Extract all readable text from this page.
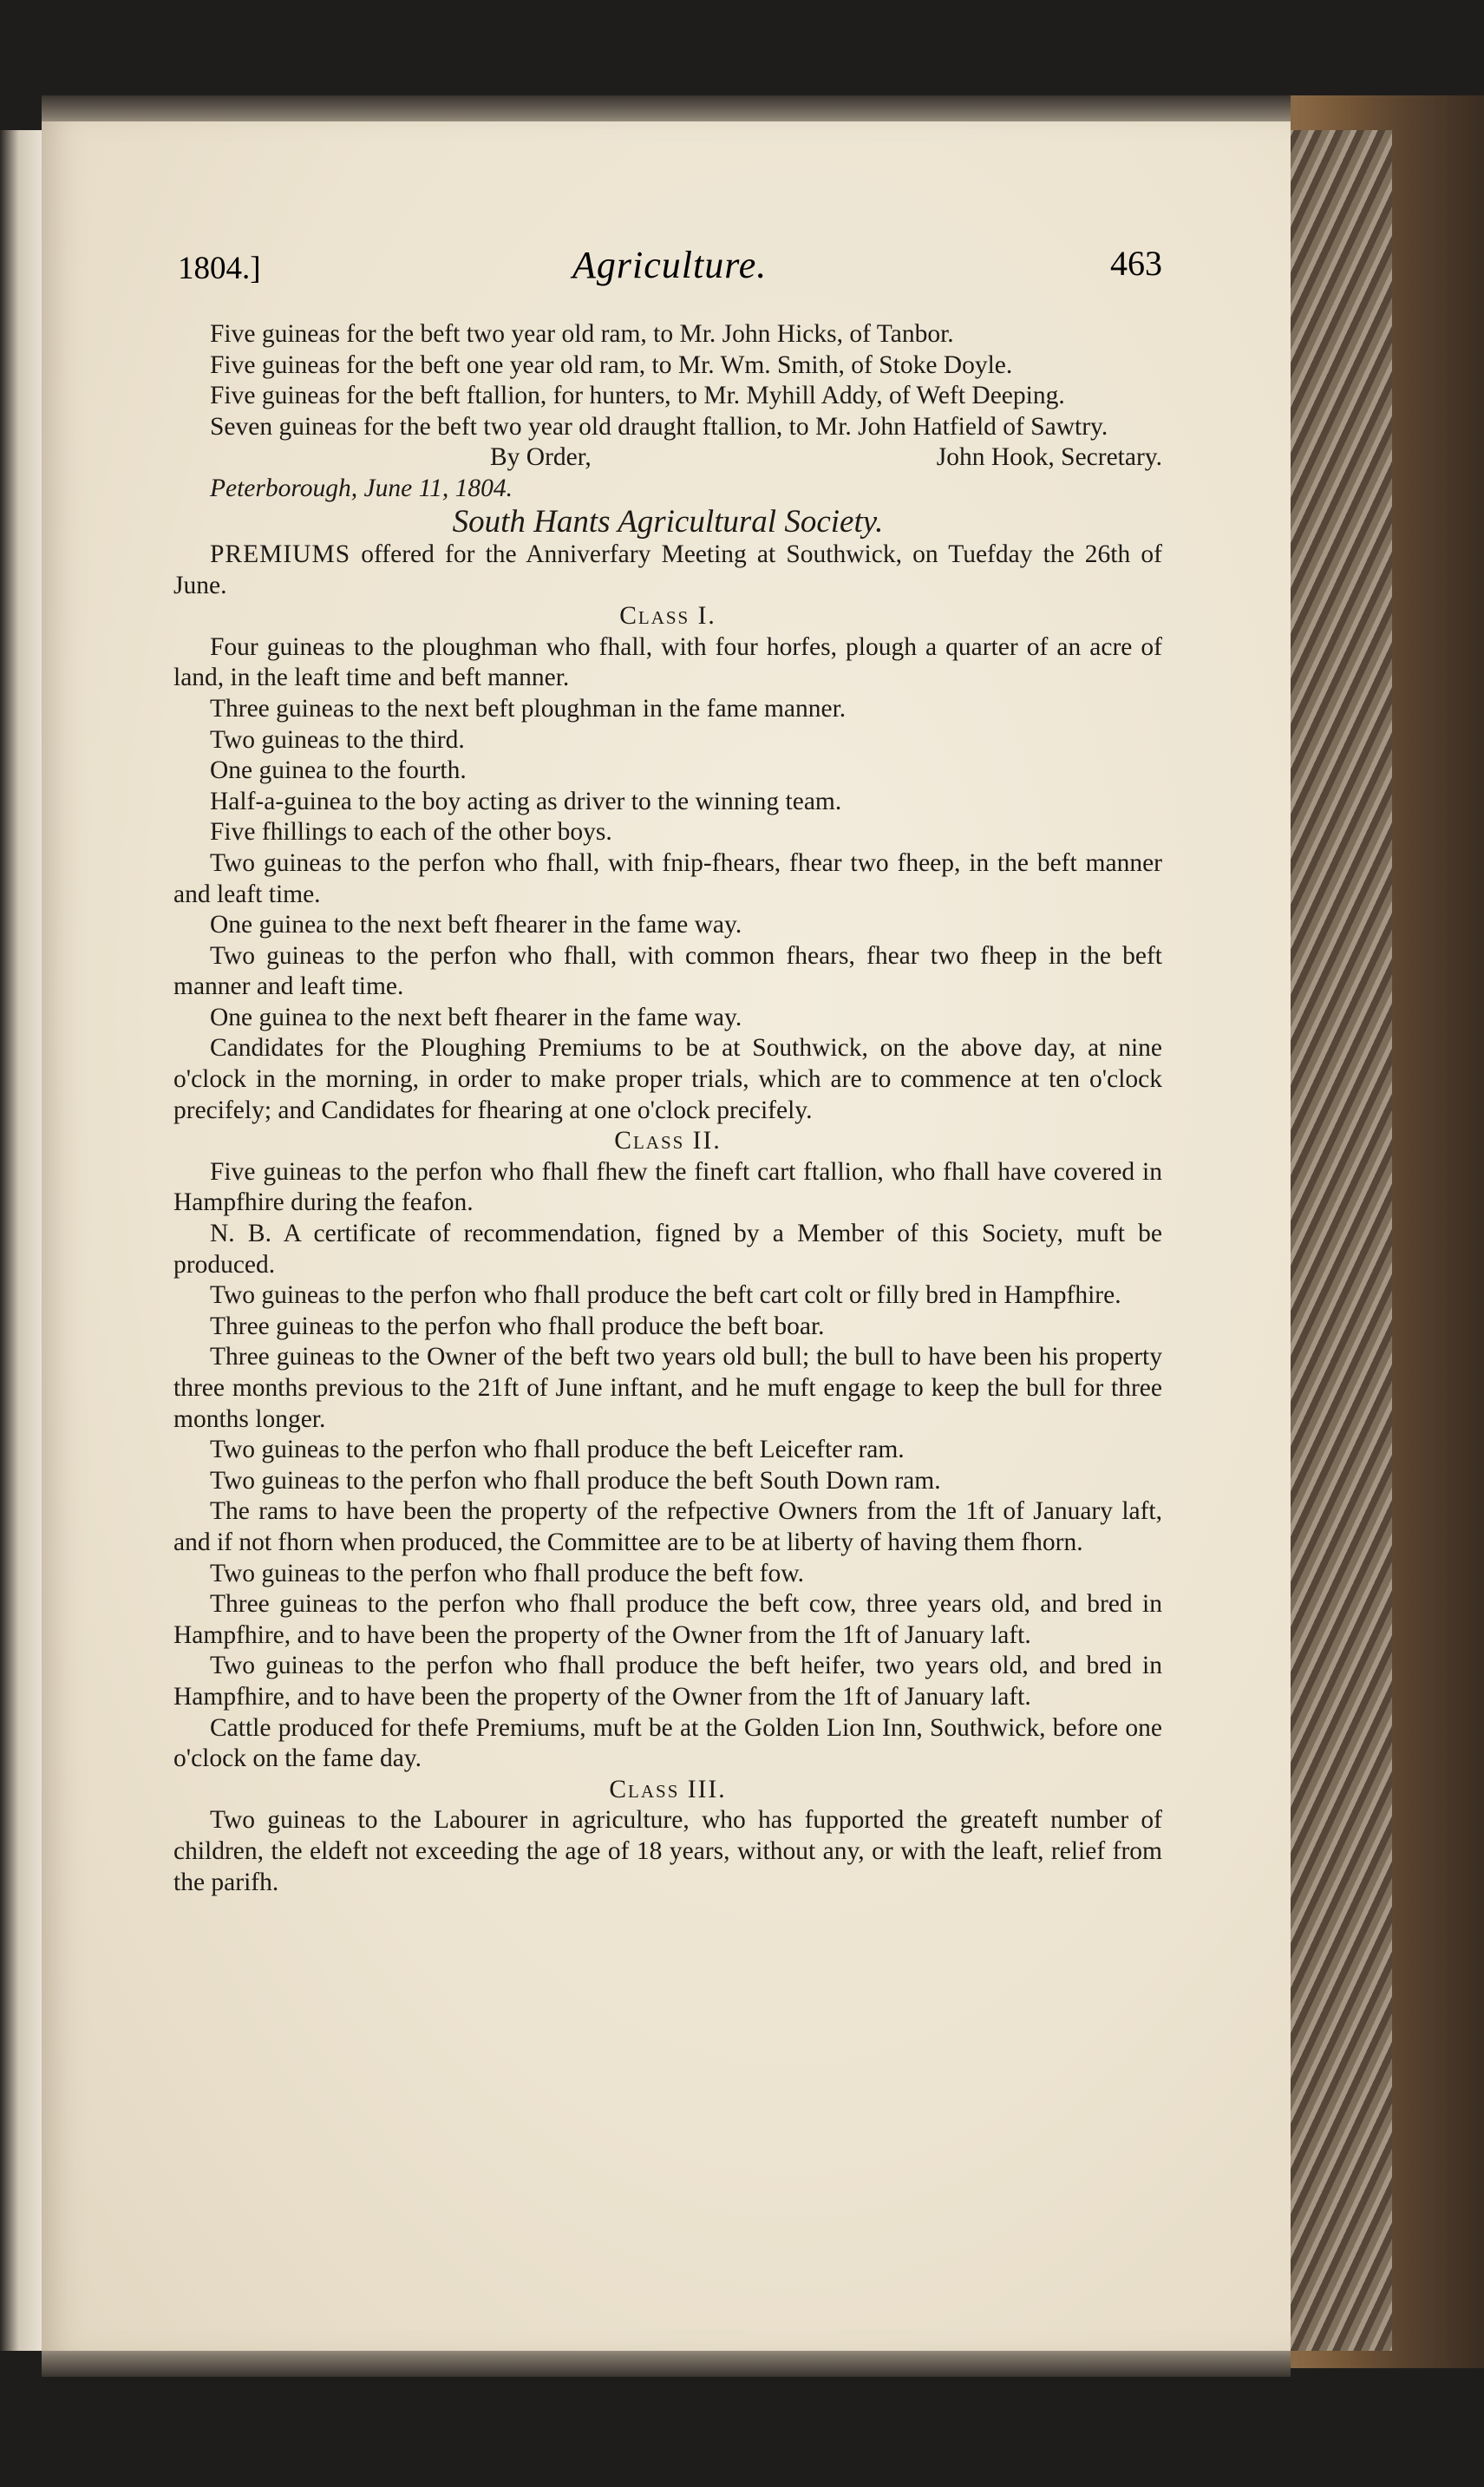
1804.]	Agriculture.	463

Five guineas for the beft two year old ram, to Mr. John Hicks, of Tanbor.

Five guineas for the beft one year old ram, to Mr. Wm. Smith, of Stoke Doyle.

Five guineas for the beft ftallion, for hunters, to Mr. Myhill Addy, of Weft Deeping.

Seven guineas for the beft two year old draught ftallion, to Mr. John Hatfield of Sawtry.

By Order,	John Hook, Secretary.

Peterborough, June 11, 1804.

South Hants Agricultural Society.

PREMIUMS offered for the Anniverfary Meeting at Southwick, on Tuefday the 26th of June.

Class I.

Four guineas to the ploughman who fhall, with four horfes, plough a quarter of an acre of land, in the leaft time and beft manner.

Three guineas to the next beft ploughman in the fame manner.

Two guineas to the third.

One guinea to the fourth.

Half-a-guinea to the boy acting as driver to the winning team.

Five fhillings to each of the other boys.

Two guineas to the perfon who fhall, with fnip-fhears, fhear two fheep, in the beft manner and leaft time.

One guinea to the next beft fhearer in the fame way.

Two guineas to the perfon who fhall, with common fhears, fhear two fheep in the beft manner and leaft time.

One guinea to the next beft fhearer in the fame way.

Candidates for the Ploughing Premiums to be at Southwick, on the above day, at nine o'clock in the morning, in order to make proper trials, which are to commence at ten o'clock precifely; and Candidates for fhearing at one o'clock precifely.

Class II.

Five guineas to the perfon who fhall fhew the fineft cart ftallion, who fhall have covered in Hampfhire during the feafon.

N. B. A certificate of recommendation, figned by a Member of this Society, muft be produced.

Two guineas to the perfon who fhall produce the beft cart colt or filly bred in Hampfhire.

Three guineas to the perfon who fhall produce the beft boar.

Three guineas to the Owner of the beft two years old bull; the bull to have been his property three months previous to the 21ft of June inftant, and he muft engage to keep the bull for three months longer.

Two guineas to the perfon who fhall produce the beft Leicefter ram.

Two guineas to the perfon who fhall produce the beft South Down ram.

The rams to have been the property of the refpective Owners from the 1ft of January laft, and if not fhorn when produced, the Committee are to be at liberty of having them fhorn.

Two guineas to the perfon who fhall produce the beft fow.

Three guineas to the perfon who fhall produce the beft cow, three years old, and bred in Hampfhire, and to have been the property of the Owner from the 1ft of January laft.

Two guineas to the perfon who fhall produce the beft heifer, two years old, and bred in Hampfhire, and to have been the property of the Owner from the 1ft of January laft.

Cattle produced for thefe Premiums, muft be at the Golden Lion Inn, Southwick, before one o'clock on the fame day.

Class III.

Two guineas to the Labourer in agriculture, who has fupported the greateft number of children, the eldeft not exceeding the age of 18 years, without any, or with the leaft, relief from the parifh.
